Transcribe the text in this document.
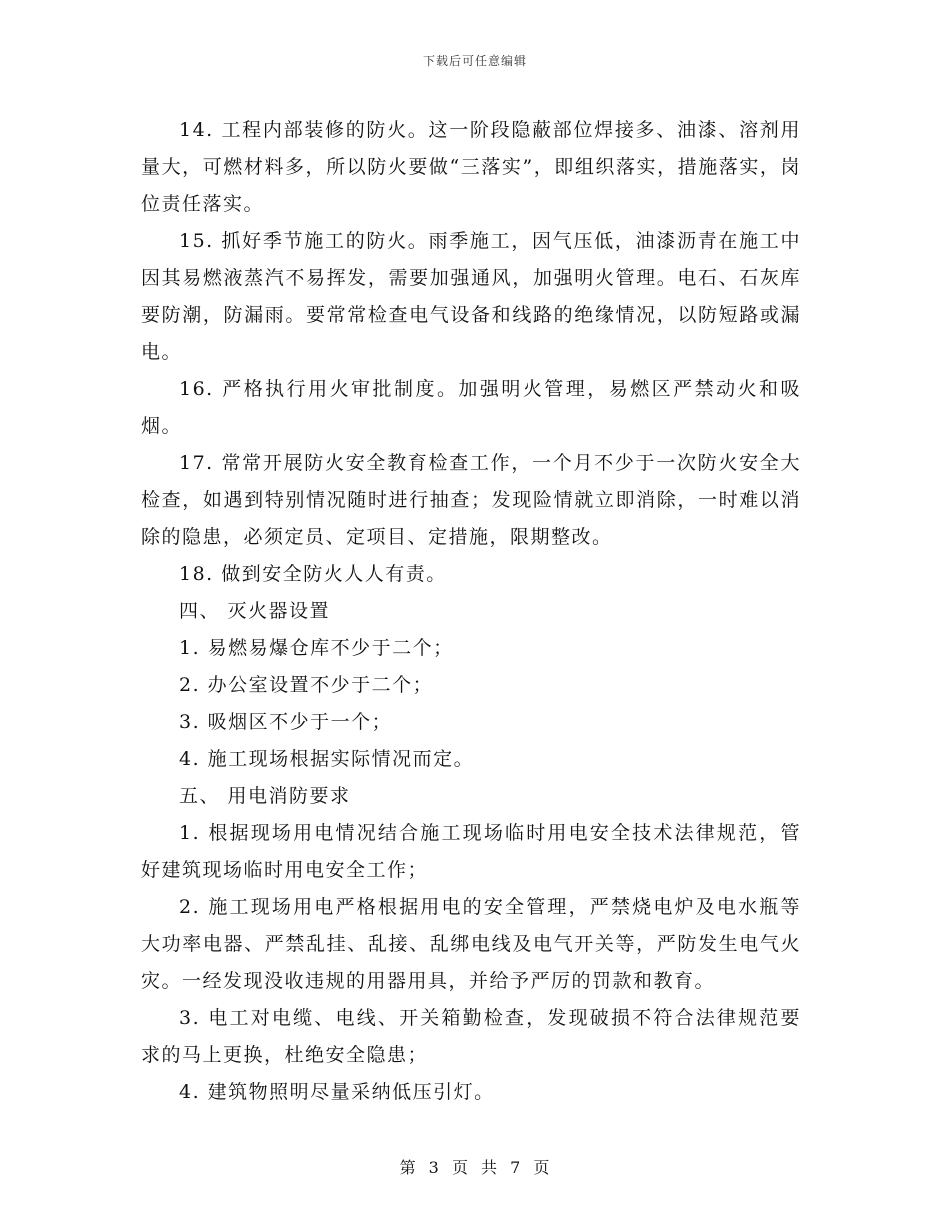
下载后可任意编辑

14. 工程内部装修的防火。这一阶段隐蔽部位焊接多、油漆、溶剂用量大，可燃材料多，所以防火要做“三落实”，即组织落实，措施落实，岗位责任落实。

15. 抓好季节施工的防火。雨季施工，因气压低，油漆沥青在施工中因其易燃液蒸汽不易挥发，需要加强通风，加强明火管理。电石、石灰库要防潮，防漏雨。要常常检查电气设备和线路的绝缘情况，以防短路或漏电。

16. 严格执行用火审批制度。加强明火管理，易燃区严禁动火和吸烟。

17. 常常开展防火安全教育检查工作，一个月不少于一次防火安全大检查，如遇到特别情况随时进行抽查；发现险情就立即消除，一时难以消除的隐患，必须定员、定项目、定措施，限期整改。

18. 做到安全防火人人有责。

四、 灭火器设置

1. 易燃易爆仓库不少于二个；

2. 办公室设置不少于二个；

3. 吸烟区不少于一个；

4. 施工现场根据实际情况而定。

五、 用电消防要求

1. 根据现场用电情况结合施工现场临时用电安全技术法律规范，管好建筑现场临时用电安全工作；

2. 施工现场用电严格根据用电的安全管理，严禁烧电炉及电水瓶等大功率电器、严禁乱挂、乱接、乱绑电线及电气开关等，严防发生电气火灾。一经发现没收违规的用器用具，并给予严厉的罚款和教育。

3. 电工对电缆、电线、开关箱勤检查，发现破损不符合法律规范要求的马上更换，杜绝安全隐患；

4. 建筑物照明尽量采纳低压引灯。

第 3 页 共 7 页
